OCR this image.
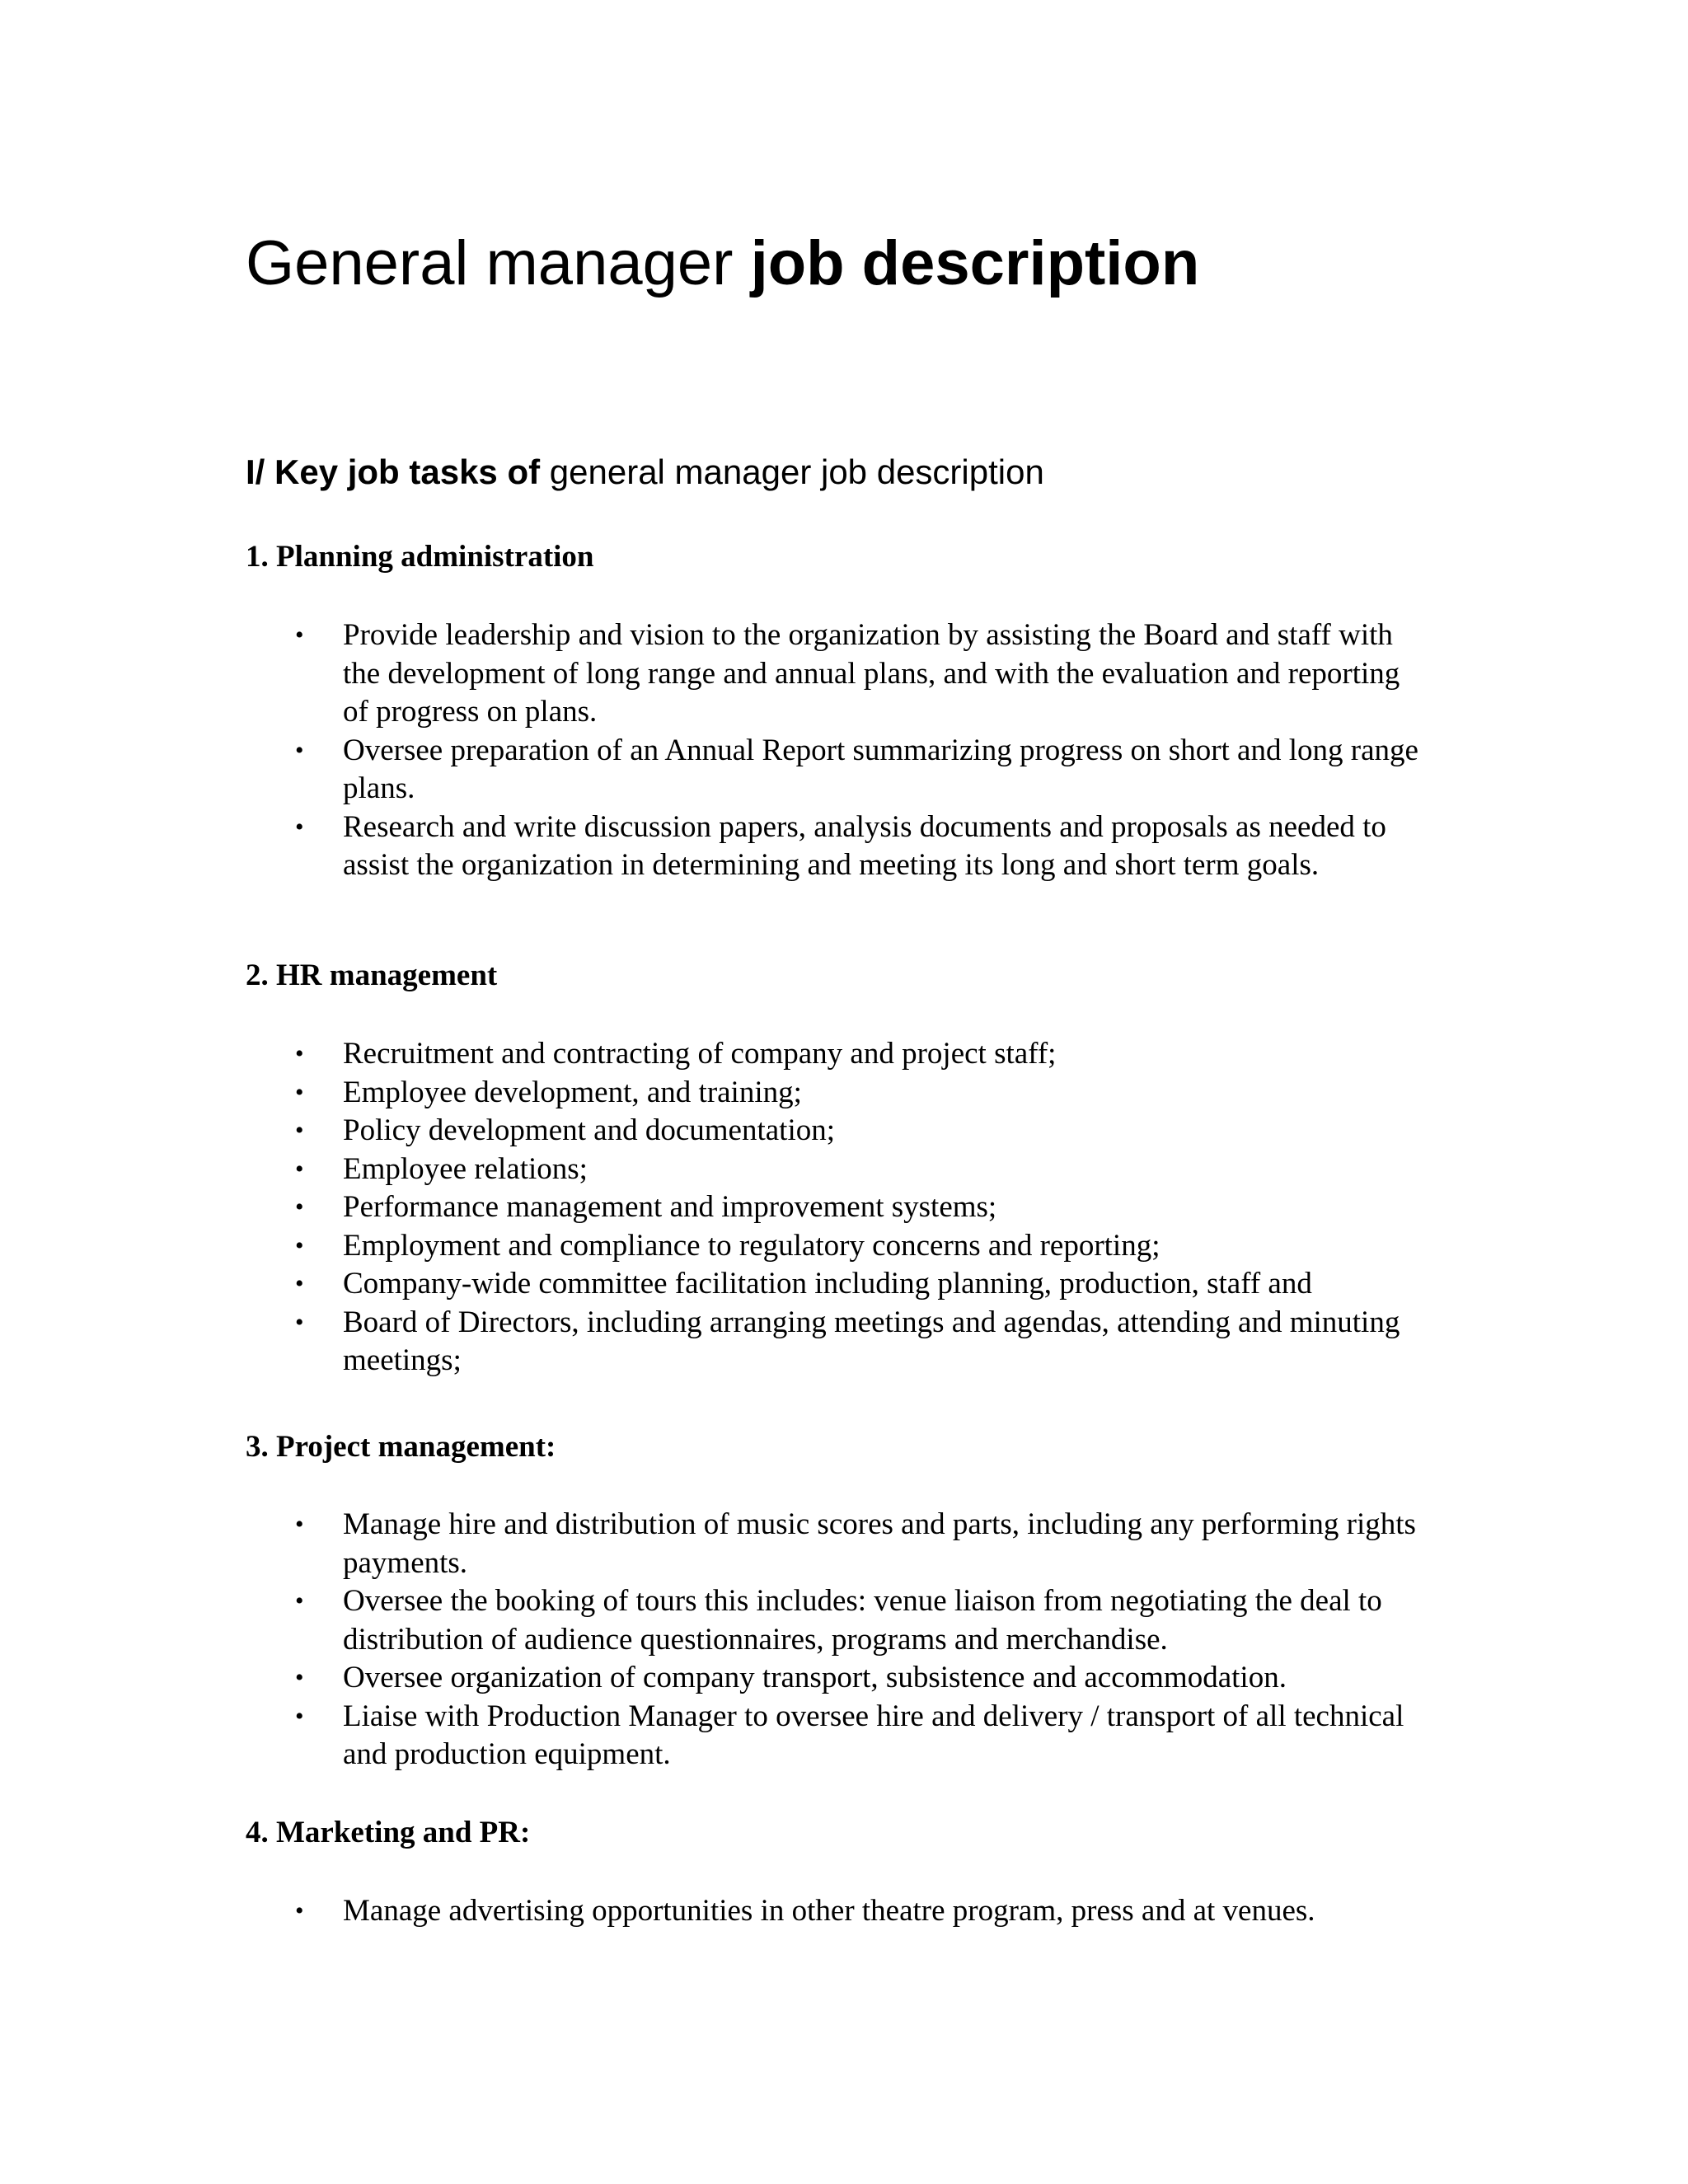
General manager job description
I/ Key job tasks of general manager job description
1. Planning administration
• Provide leadership and vision to the organization by assisting the Board and staff with the development of long range and annual plans, and with the evaluation and reporting of progress on plans.
• Oversee preparation of an Annual Report summarizing progress on short and long range plans.
• Research and write discussion papers, analysis documents and proposals as needed to assist the organization in determining and meeting its long and short term goals.
2. HR management
• Recruitment and contracting of company and project staff;
• Employee development, and training;
• Policy development and documentation;
• Employee relations;
• Performance management and improvement systems;
• Employment and compliance to regulatory concerns and reporting;
• Company-wide committee facilitation including planning, production, staff and
• Board of Directors, including arranging meetings and agendas, attending and minuting meetings;
3. Project management:
• Manage hire and distribution of music scores and parts, including any performing rights payments.
• Oversee the booking of tours this includes: venue liaison from negotiating the deal to distribution of audience questionnaires, programs and merchandise.
• Oversee organization of company transport, subsistence and accommodation.
• Liaise with Production Manager to oversee hire and delivery / transport of all technical and production equipment.
4. Marketing and PR:
• Manage advertising opportunities in other theatre program, press and at venues.
